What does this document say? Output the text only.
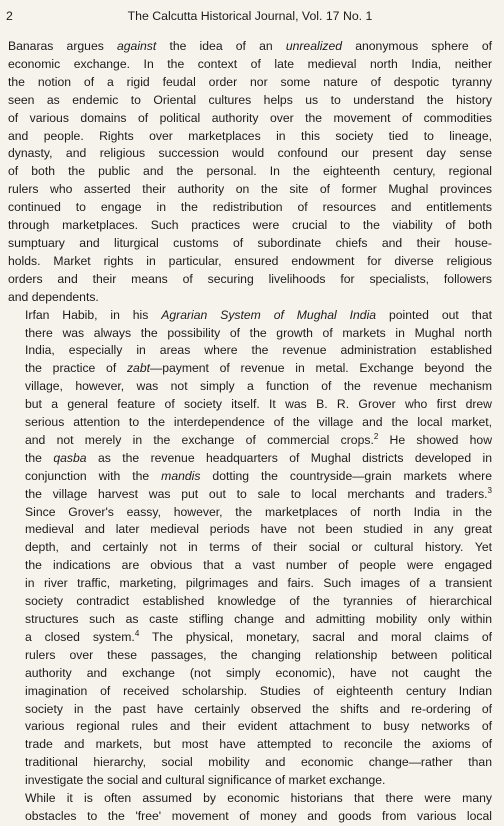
2	The Calcutta Historical Journal, Vol. 17 No. 1

Banaras argues against the idea of an unrealized anonymous sphere of
economic exchange. In the context of late medieval north India, neither
the notion of a rigid feudal order nor some nature of despotic tyranny
seen as endemic to Oriental cultures helps us to understand the history
of various domains of political authority over the movement of commodities
and people. Rights over marketplaces in this society tied to lineage,
dynasty, and religious succession would confound our present day sense
of both the public and the personal. In the eighteenth century, regional
rulers who asserted their authority on the site of former Mughal provinces
continued to engage in the redistribution of resources and entitlements
through marketplaces. Such practices were crucial to the viability of both
sumptuary and liturgical customs of subordinate chiefs and their house-
holds. Market rights in particular, ensured endowment for diverse religious
orders and their means of securing livelihoods for specialists, followers
and dependents.

Irfan Habib, in his Agrarian System of Mughal India pointed out that
there was always the possibility of the growth of markets in Mughal north
India, especially in areas where the revenue administration established
the practice of zabt—payment of revenue in metal. Exchange beyond the
village, however, was not simply a function of the revenue mechanism
but a general feature of society itself. It was B. R. Grover who first drew
serious attention to the interdependence of the village and the local market,
and not merely in the exchange of commercial crops.$^2$ He showed how
the qasba as the revenue headquarters of Mughal districts developed in
conjunction with the mandis dotting the countryside—grain markets where
the village harvest was put out to sale to local merchants and traders.$^3$
Since Grover's eassy, however, the marketplaces of north India in the
medieval and later medieval periods have not been studied in any great
depth, and certainly not in terms of their social or cultural history. Yet
the indications are obvious that a vast number of people were engaged
in river traffic, marketing, pilgrimages and fairs. Such images of a transient
society contradict established knowledge of the tyrannies of hierarchical
structures such as caste stifling change and admitting mobility only within
a closed system.$^4$ The physical, monetary, sacral and moral claims of
rulers over these passages, the changing relationship between political
authority and exchange (not simply economic), have not caught the
imagination of received scholarship. Studies of eighteenth century Indian
society in the past have certainly observed the shifts and re-ordering of
various regional rules and their evident attachment to busy networks of
trade and markets, but most have attempted to reconcile the axioms of
traditional hierarchy, social mobility and economic change—rather than
investigate the social and cultural significance of market exchange.

While it is often assumed by economic historians that there were many
obstacles to the 'free' movement of money and goods from various local
